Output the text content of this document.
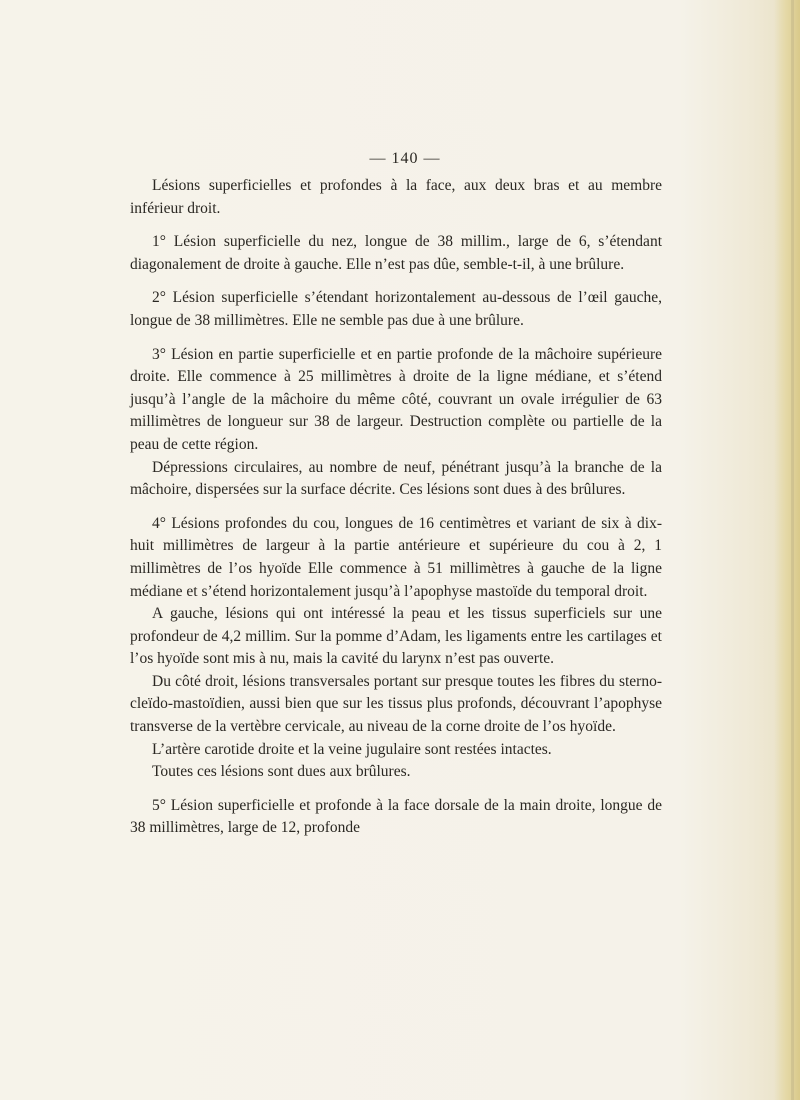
— 140 —

Lésions superficielles et profondes à la face, aux deux bras et au membre inférieur droit.

1° Lésion superficielle du nez, longue de 38 millim., large de 6, s’étendant diagonalement de droite à gauche. Elle n’est pas dûe, semble-t-il, à une brûlure.

2° Lésion superficielle s’étendant horizontalement au-dessous de l’œil gauche, longue de 38 millimètres. Elle ne semble pas due à une brûlure.

3° Lésion en partie superficielle et en partie profonde de la mâchoire supérieure droite. Elle commence à 25 millimètres à droite de la ligne médiane, et s’étend jusqu’à l’angle de la mâchoire du même côté, couvrant un ovale irrégulier de 63 millimètres de longueur sur 38 de largeur. Destruction complète ou partielle de la peau de cette région.

Dépressions circulaires, au nombre de neuf, pénétrant jusqu’à la branche de la mâchoire, dispersées sur la surface décrite. Ces lésions sont dues à des brûlures.

4° Lésions profondes du cou, longues de 16 centimètres et variant de six à dix-huit millimètres de largeur à la partie antérieure et supérieure du cou à 2, 1 millimètres de l’os hyoïde Elle commence à 51 millimètres à gauche de la ligne médiane et s’étend horizontalement jusqu’à l’apophyse mastoïde du temporal droit.

A gauche, lésions qui ont intéressé la peau et les tissus superficiels sur une profondeur de 4,2 millim. Sur la pomme d’Adam, les ligaments entre les cartilages et l’os hyoïde sont mis à nu, mais la cavité du larynx n’est pas ouverte.

Du côté droit, lésions transversales portant sur presque toutes les fibres du sterno-cleïdo-mastoïdien, aussi bien que sur les tissus plus profonds, découvrant l’apophyse transverse de la vertèbre cervicale, au niveau de la corne droite de l’os hyoïde.

L’artère carotide droite et la veine jugulaire sont restées intactes.

Toutes ces lésions sont dues aux brûlures.

5° Lésion superficielle et profonde à la face dorsale de la main droite, longue de 38 millimètres, large de 12, profonde
